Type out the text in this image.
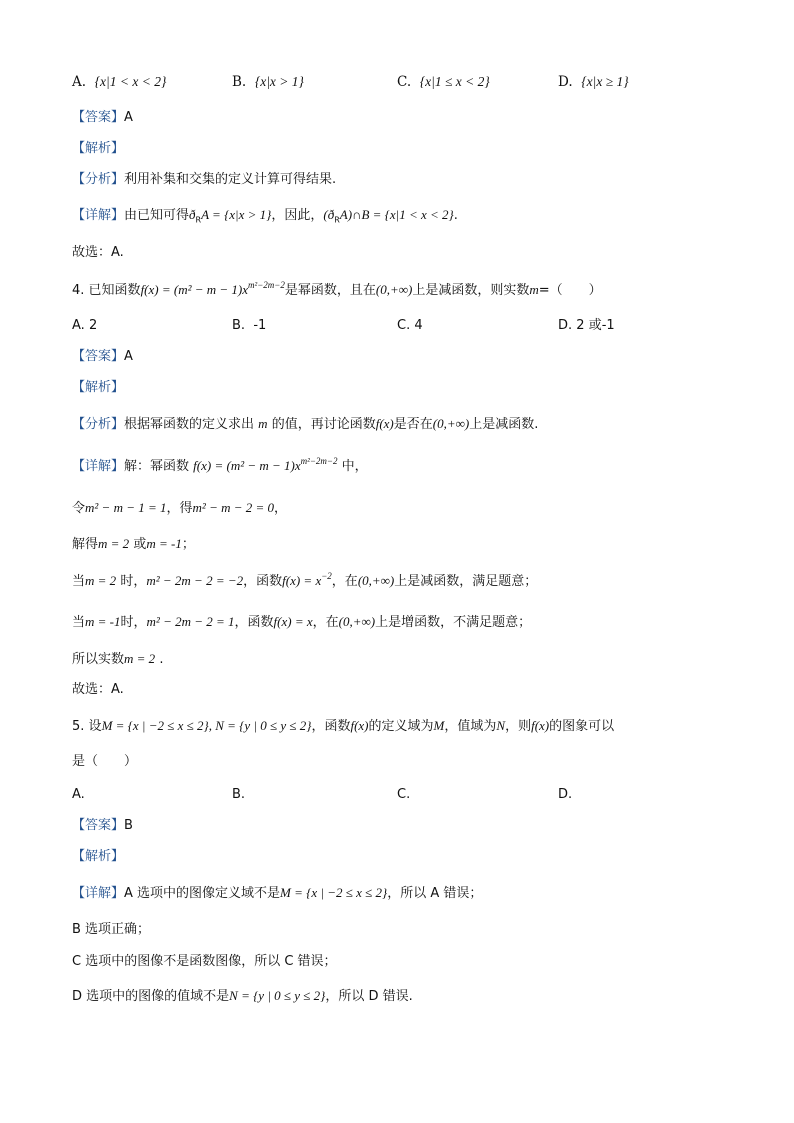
A. {x|1 < x < 2}	B. {x|x > 1}	C. {x|1 ≤ x < 2}	D. {x|x ≥ 1}
【答案】A
【解析】
【分析】利用补集和交集的定义计算可得结果.
【详解】由已知可得$ð_RA = \{x|x > 1\}$，因此，$(ð_RA)\cap B = \{x|1 < x < 2\}$.
故选：A.
4. 已知函数$f(x) = (m^2 - m - 1)x^{m^2-2m-2}$是幂函数，且在(0,+∞)上是减函数，则实数m=（　　）
A. 2	B. -1	C. 4	D. 2 或-1
【答案】A
【解析】
【分析】根据幂函数的定义求出 m 的值，再讨论函数f(x)是否在(0,+∞)上是减函数.
【详解】解：幂函数 $f(x) = (m^2 - m - 1)x^{m^2-2m-2}$ 中，
令m² − m − 1 = 1，得m² − m − 2 = 0，
解得m = 2 或m = -1；
当m = 2 时，m² − 2m − 2 = −2，函数$f(x) = x^{-2}$，在(0,+∞)上是减函数，满足题意；
当m = -1时，m² − 2m − 2 = 1，函数f(x) = x，在(0,+∞)上是增函数，不满足题意；
所以实数m = 2 .
故选：A.
5. 设M = {x | −2 ≤ x ≤ 2}, N = {y | 0 ≤ y ≤ 2}，函数f(x)的定义域为M，值域为N，则f(x)的图象可以
是（　　）
A.	B.	C.	D.
【答案】B
【解析】
【详解】A 选项中的图像定义域不是M = {x | −2 ≤ x ≤ 2}，所以 A 错误；
B 选项正确；
C 选项中的图像不是函数图像，所以 C 错误；
D 选项中的图像的值域不是N = {y | 0 ≤ y ≤ 2}，所以 D 错误.
